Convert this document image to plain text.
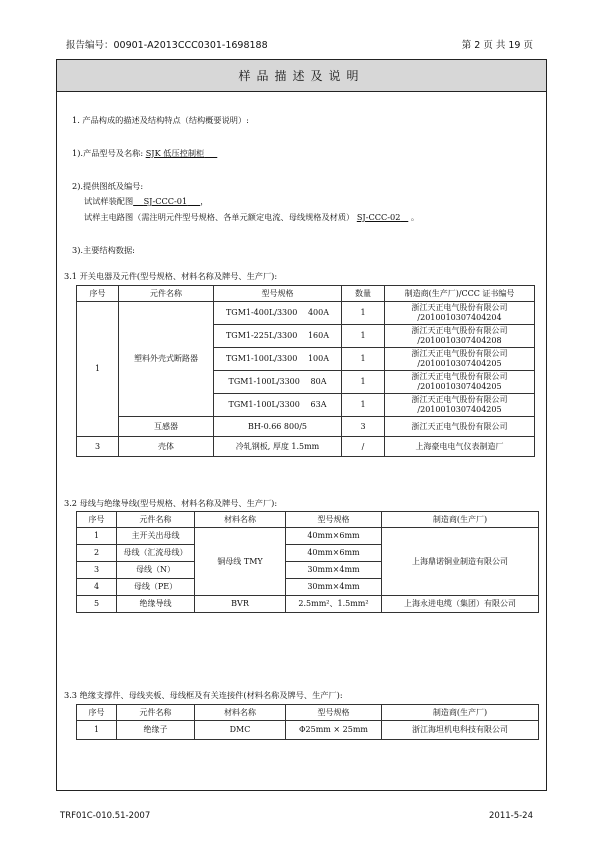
报告编号：00901-A2013CCC0301-1698188	第 2 页 共 19 页
样品描述及说明
1. 产品构成的描述及结构特点（结构概要说明）:
1).产品型号及名称: SJK 低压控制柜
2).提供图纸及编号:
试试样装配图 SJ-CCC-01 ，
试样主电路图（需注明元件型号规格、各单元额定电流、母线规格及材质） SJ-CCC-02 。
3).主要结构数据:
3.1 开关电器及元件(型号规格、材料名称及牌号、生产厂):
序号	元件名称	型号规格	数量	制造商(生产厂)/CCC 证书编号
1	塑料外壳式断路器	TGM1-400L/3300 400A	1	浙江天正电气股份有限公司
/2010010307404204

		TGM1-225L/3300 160A	1	浙江天正电气股份有限公司
/2010010307404208

		TGM1-100L/3300 100A	1	浙江天正电气股份有限公司
/2010010307404205

		TGM1-100L/3300 80A	1	浙江天正电气股份有限公司
/2010010307404205

		TGM1-100L/3300 63A	1	浙江天正电气股份有限公司
/2010010307404205

	互感器	BH-0.66 800/5	3	浙江天正电气股份有限公司
3	壳体	冷轧钢板, 厚度 1.5mm	/	上海豪电电气仪表制造厂
3.2 母线与绝缘导线(型号规格、材料名称及牌号、生产厂):
序号	元件名称	材料名称	型号规格	制造商(生产厂)
1	主开关出母线	铜母线 TMY	40mm×6mm	上海鼎诺铜业制造有限公司
2	母线（汇流母线）		40mm×6mm	
3	母线（N）		30mm×4mm	
4	母线（PE）		30mm×4mm	
5	绝缘导线	BVR	2.5mm²、1.5mm²	上海永进电缆（集团）有限公司
3.3 绝缘支撑件、母线夹板、母线框及有关连接件(材料名称及牌号、生产厂):
序号	元件名称	材料名称	型号规格	制造商(生产厂)
1	绝缘子	DMC	Φ25mm × 25mm	浙江海坦机电科技有限公司
TRF01C-010.51-2007	2011-5-24
